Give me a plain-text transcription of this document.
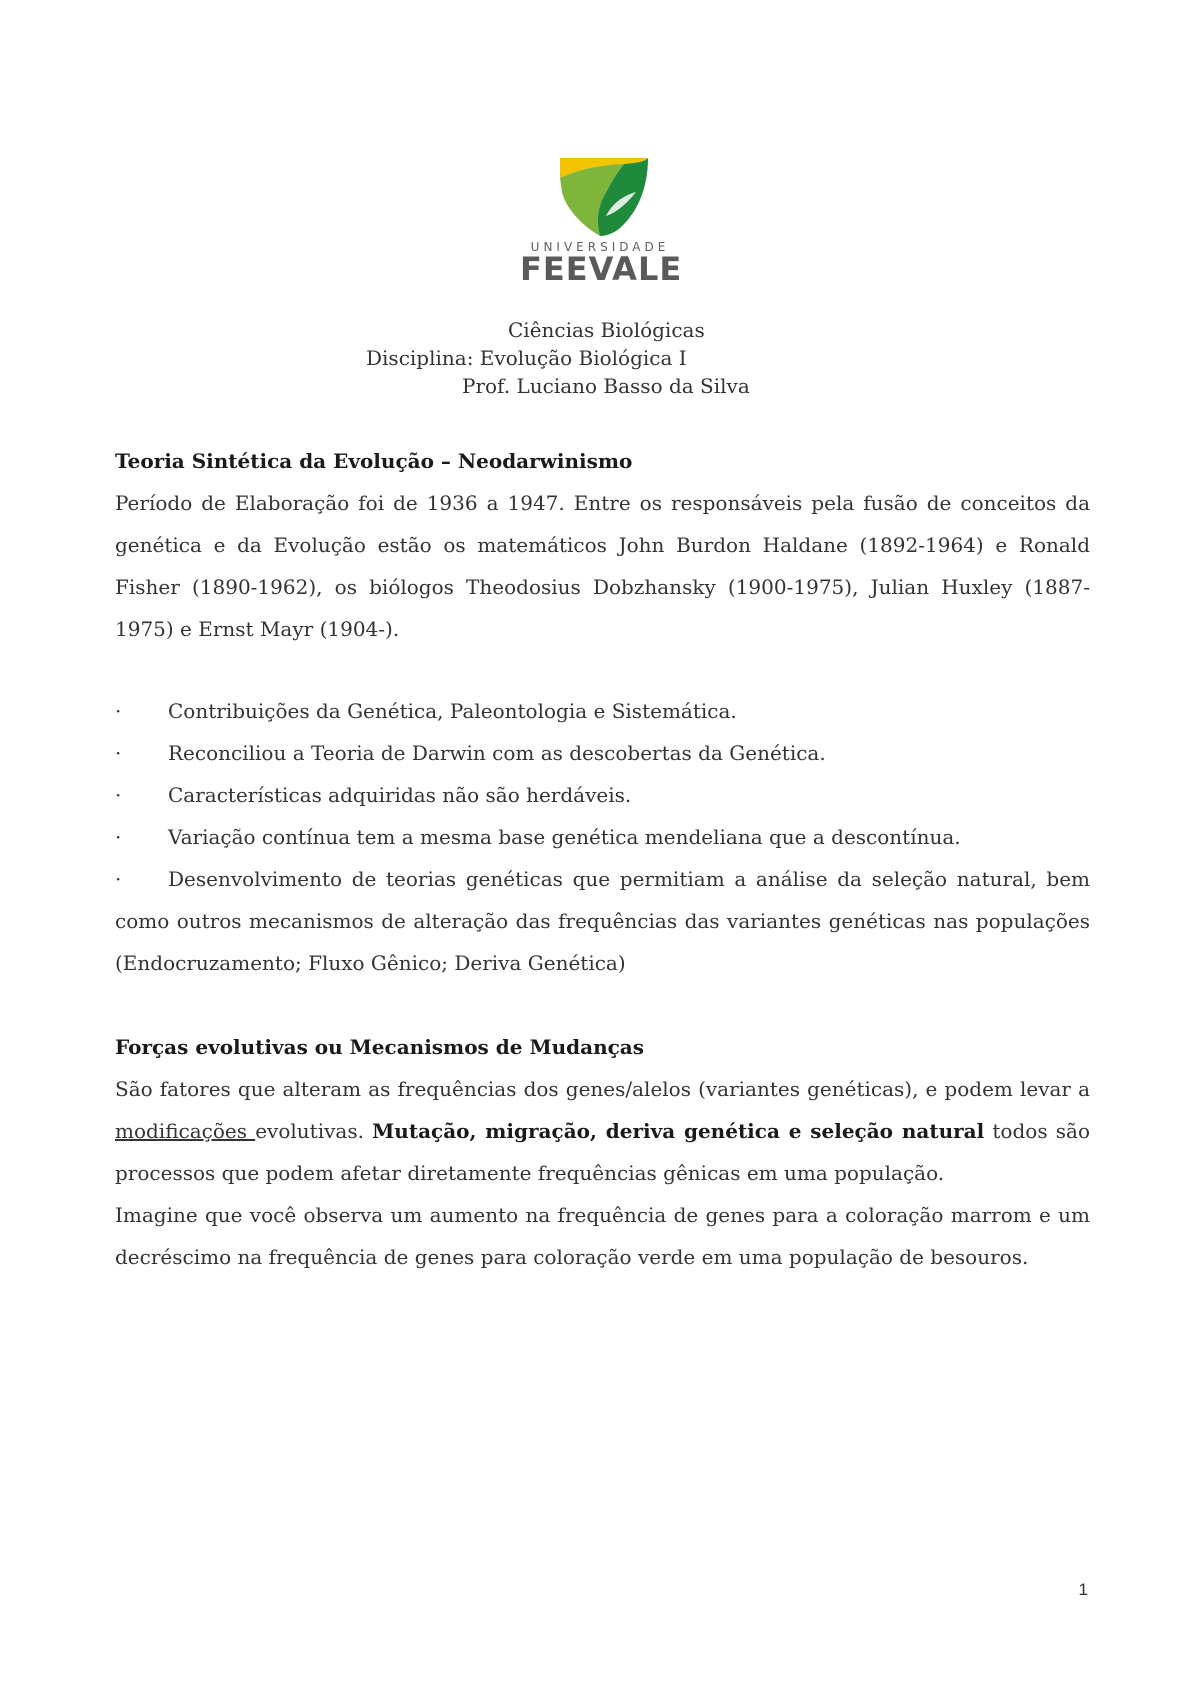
UNIVERSIDADE
FEEVALE
Ciências Biológicas
Disciplina: Evolução Biológica I
Prof. Luciano Basso da Silva

Teoria Sintética da Evolução – Neodarwinismo

Período de Elaboração foi de 1936 a 1947. Entre os responsáveis pela fusão de conceitos da genética e da Evolução estão os matemáticos John Burdon Haldane (1892-1964) e Ronald Fisher (1890-1962), os biólogos Theodosius Dobzhansky (1900-1975), Julian Huxley (1887-1975) e Ernst Mayr (1904-).

· Contribuições da Genética, Paleontologia e Sistemática.
· Reconciliou a Teoria de Darwin com as descobertas da Genética.
· Características adquiridas não são herdáveis.
· Variação contínua tem a mesma base genética mendeliana que a descontínua.
· Desenvolvimento de teorias genéticas que permitiam a análise da seleção natural, bem como outros mecanismos de alteração das frequências das variantes genéticas nas populações (Endocruzamento; Fluxo Gênico; Deriva Genética)

Forças evolutivas ou Mecanismos de Mudanças

São fatores que alteram as frequências dos genes/alelos (variantes genéticas), e podem levar a modificações evolutivas. Mutação, migração, deriva genética e seleção natural todos são processos que podem afetar diretamente frequências gênicas em uma população.

Imagine que você observa um aumento na frequência de genes para a coloração marrom e um decréscimo na frequência de genes para coloração verde em uma população de besouros.

1
